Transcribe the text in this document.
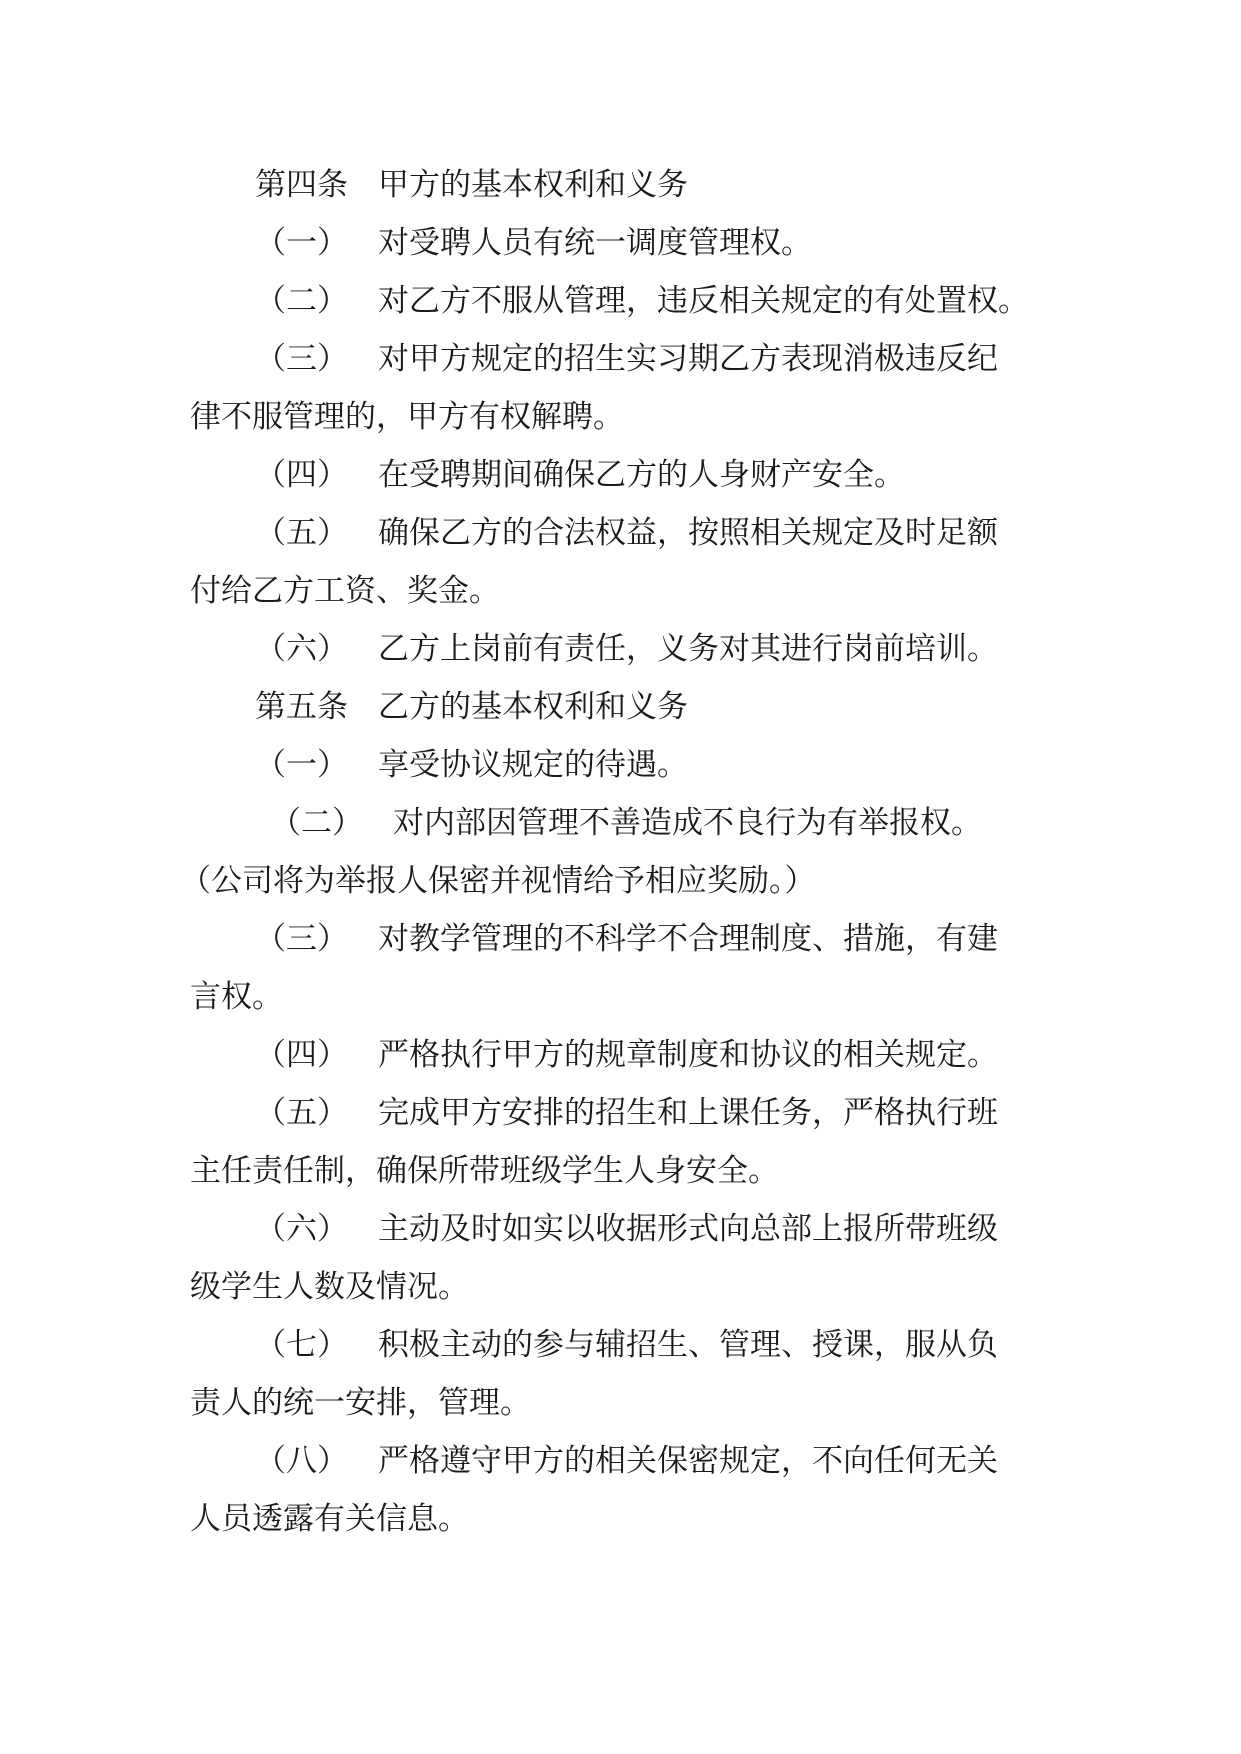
第四条 甲方的基本权利和义务
（一） 对受聘人员有统一调度管理权。
（二） 对乙方不服从管理，违反相关规定的有处置权。
（三） 对甲方规定的招生实习期乙方表现消极违反纪
律不服管理的，甲方有权解聘。
（四） 在受聘期间确保乙方的人身财产安全。
（五） 确保乙方的合法权益，按照相关规定及时足额
付给乙方工资、奖金。
（六） 乙方上岗前有责任，义务对其进行岗前培训。
第五条 乙方的基本权利和义务
（一） 享受协议规定的待遇。
（二） 对内部因管理不善造成不良行为有举报权。
（公司将为举报人保密并视情给予相应奖励。）
（三） 对教学管理的不科学不合理制度、措施，有建
言权。
（四） 严格执行甲方的规章制度和协议的相关规定。
（五） 完成甲方安排的招生和上课任务，严格执行班
主任责任制，确保所带班级学生人身安全。
（六） 主动及时如实以收据形式向总部上报所带班级
级学生人数及情况。
（七） 积极主动的参与辅招生、管理、授课，服从负
责人的统一安排，管理。
（八） 严格遵守甲方的相关保密规定，不向任何无关
人员透露有关信息。
